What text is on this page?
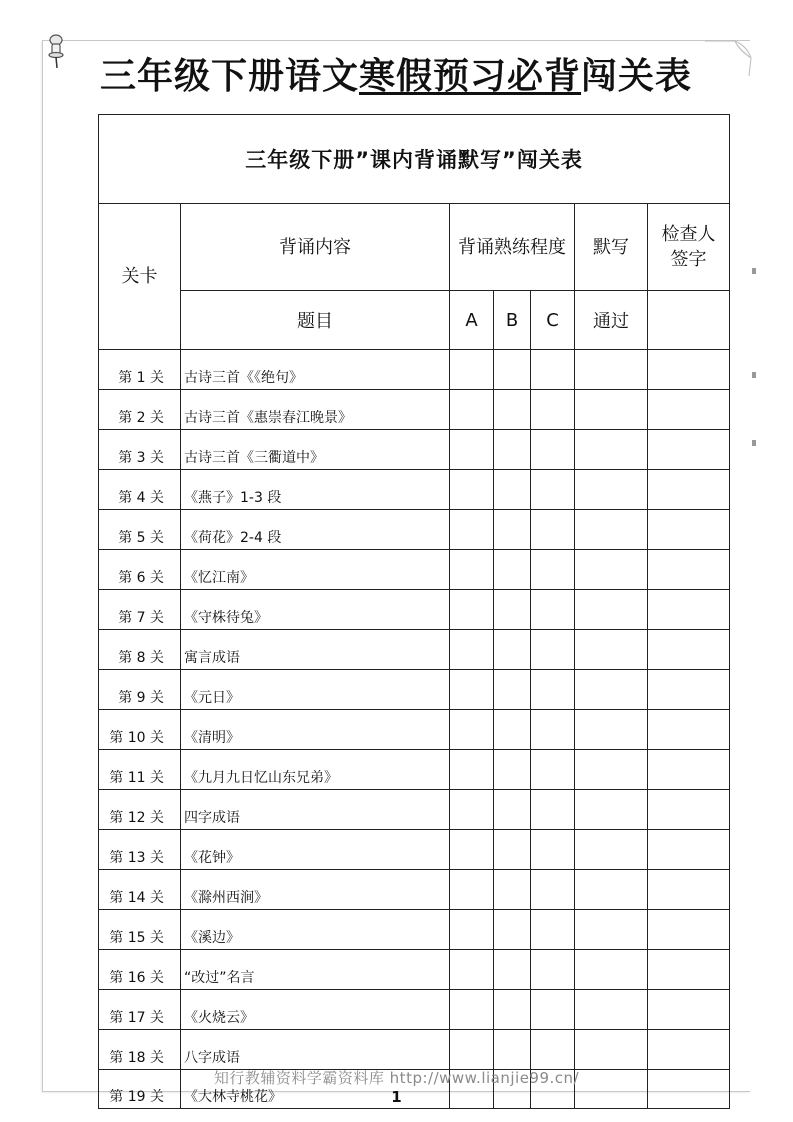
三年级下册语文 寒假预习必背 闯关表
三年级下册”课内背诵默写”闯关表						
关卡	背诵内容	背诵熟练程度			默写	检查人签字
	题目	A	B	C	通过	
第 1 关	古诗三首《《绝句》					
第 2 关	古诗三首《惠崇春江晚景》					
第 3 关	古诗三首《三衢道中》					
第 4 关	《燕子》1-3 段					
第 5 关	《荷花》2-4 段					
第 6 关	《忆江南》					
第 7 关	《守株待兔》					
第 8 关	寓言成语					
第 9 关	《元日》					
第 10 关	《清明》					
第 11 关	《九月九日忆山东兄弟》					
第 12 关	四字成语					
第 13 关	《花钟》					
第 14 关	《滁州西涧》					
第 15 关	《溪边》					
第 16 关	“改过”名言					
第 17 关	《火烧云》					
第 18 关	八字成语					
第 19 关	《大林寺桃花》					
知行教辅资料学霸资料库 http://www.lianjie99.cn/
1
